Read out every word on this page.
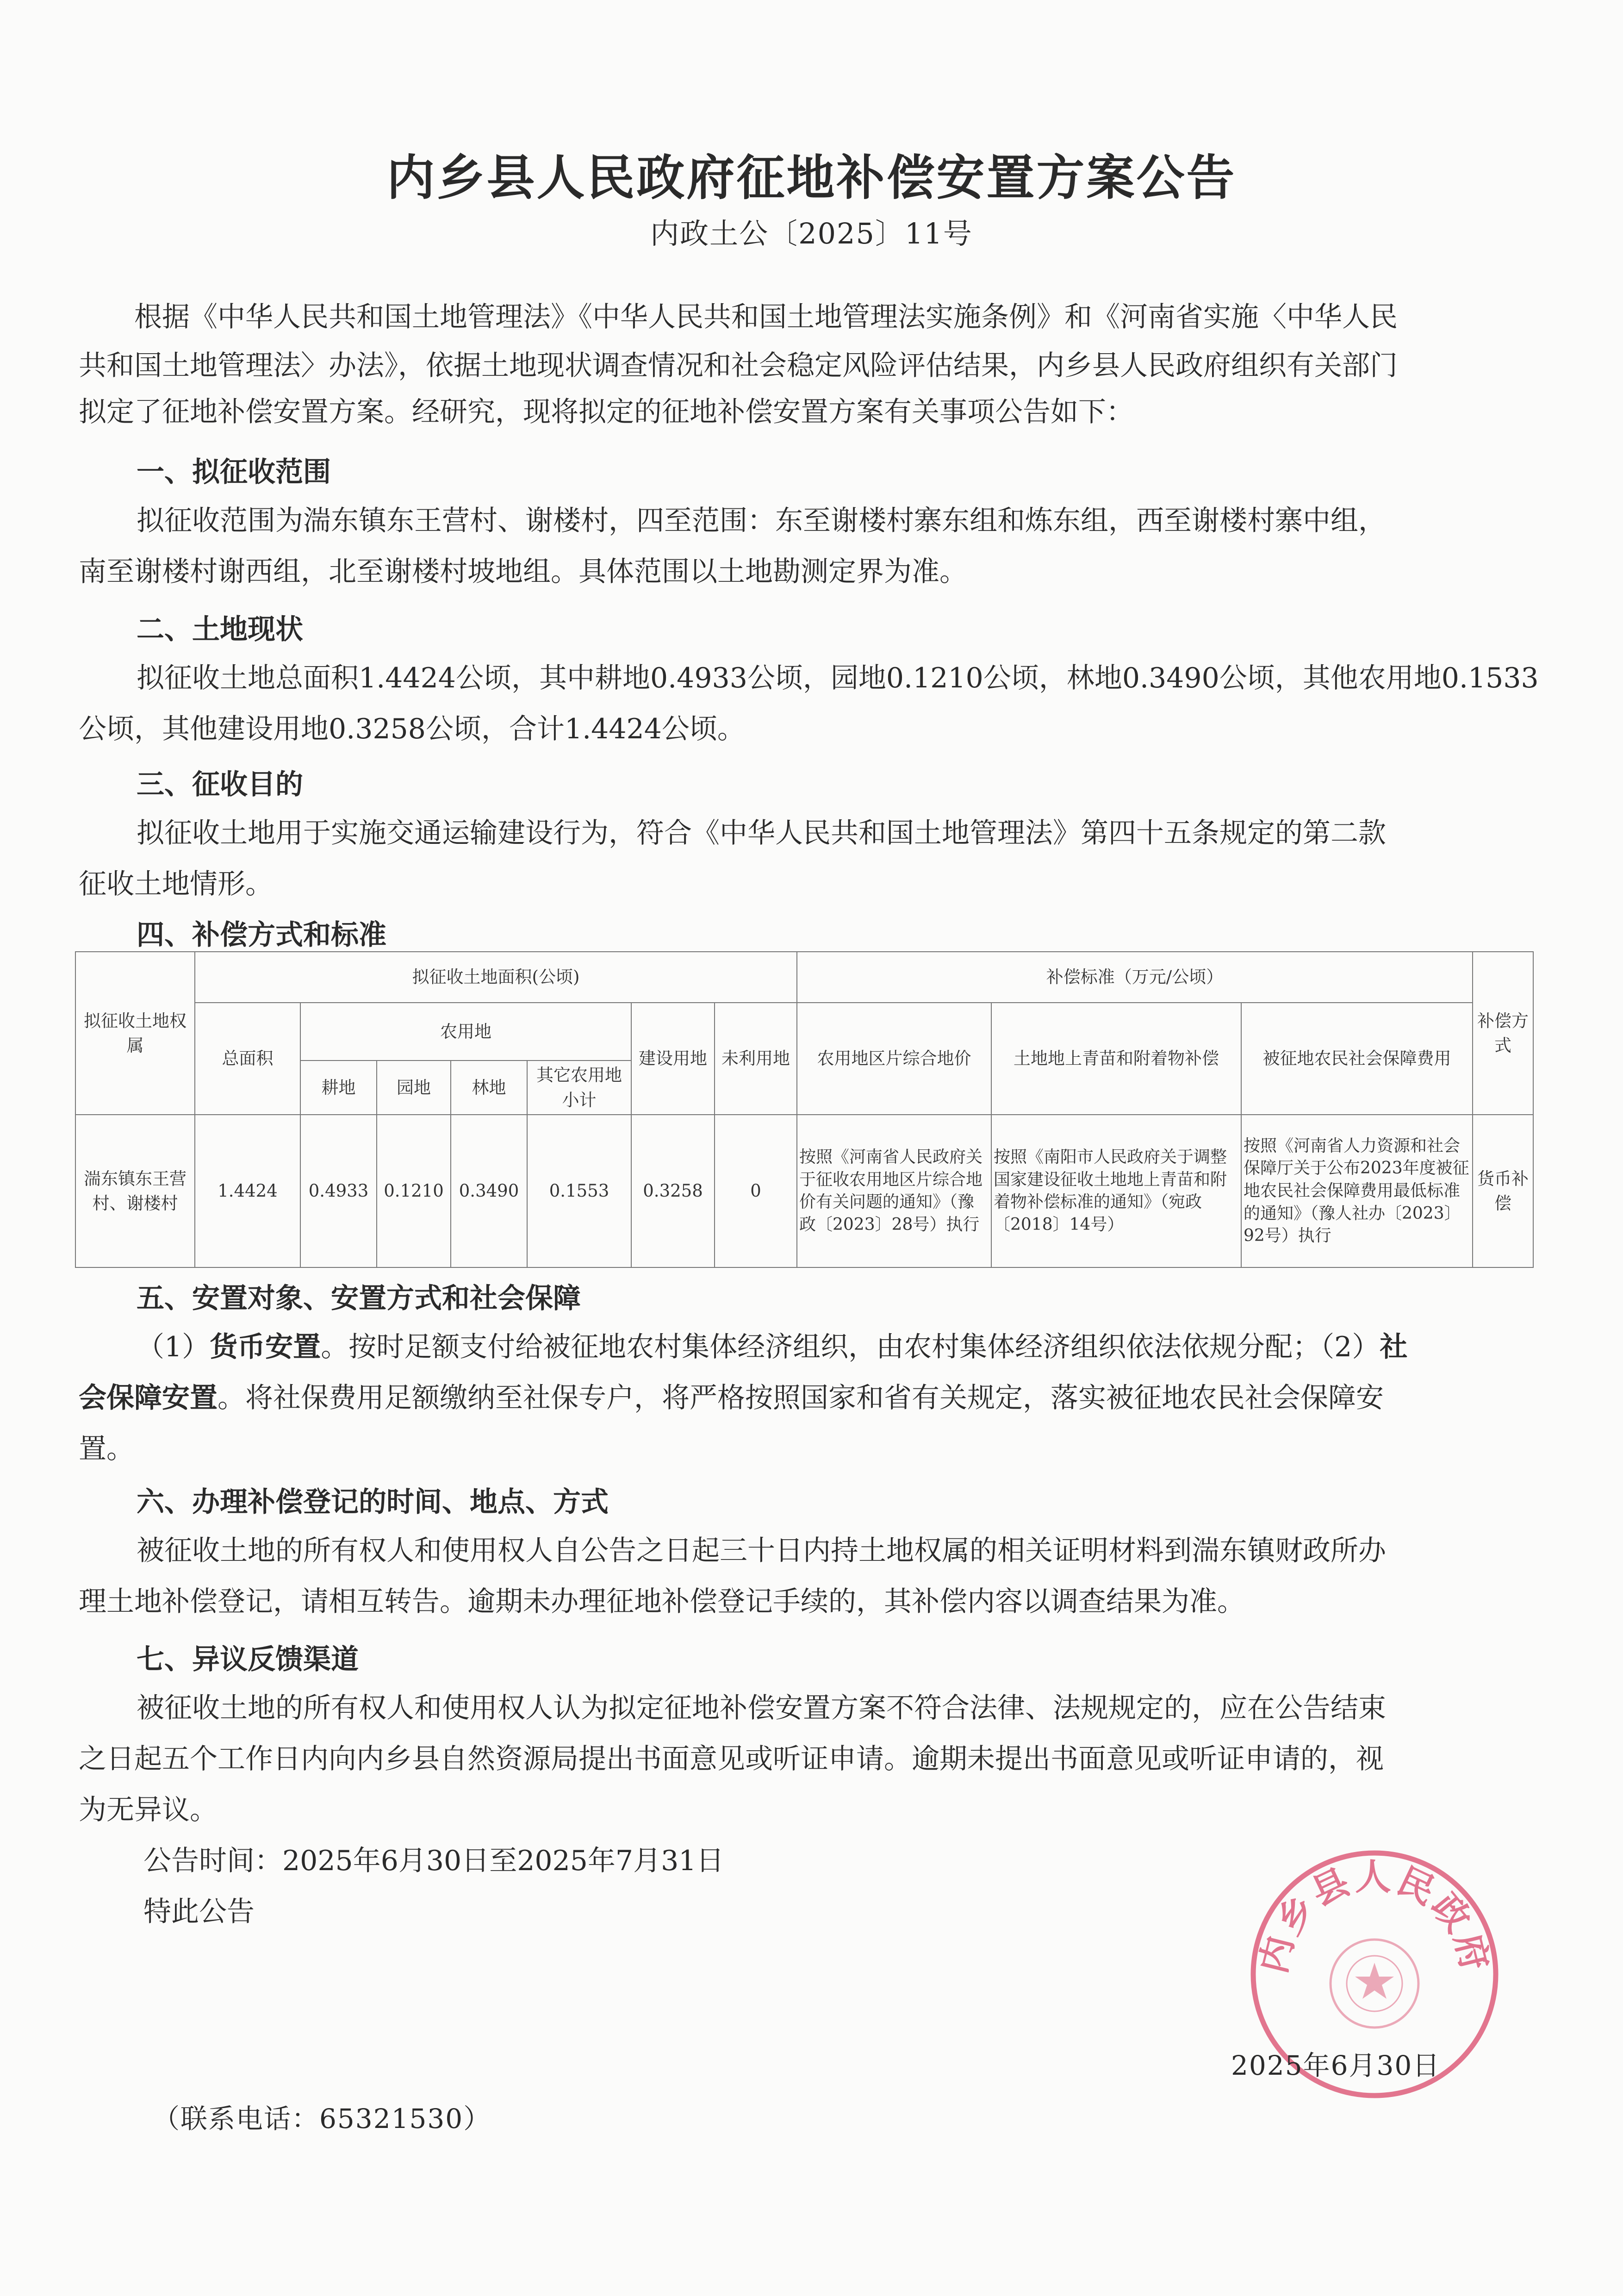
内乡县人民政府征地补偿安置方案公告
内政土公〔2025〕11号
根据《中华人民共和国土地管理法》《中华人民共和国土地管理法实施条例》和《河南省实施〈中华人民
共和国土地管理法〉办法》，依据土地现状调查情况和社会稳定风险评估结果，内乡县人民政府组织有关部门
拟定了征地补偿安置方案。经研究，现将拟定的征地补偿安置方案有关事项公告如下：
一、拟征收范围
拟征收范围为湍东镇东王营村、谢楼村，四至范围：东至谢楼村寨东组和炼东组，西至谢楼村寨中组，
南至谢楼村谢西组，北至谢楼村坡地组。具体范围以土地勘测定界为准。
二、土地现状
拟征收土地总面积1.4424公顷，其中耕地0.4933公顷，园地0.1210公顷，林地0.3490公顷，其他农用地0.1533
公顷，其他建设用地0.3258公顷，合计1.4424公顷。
三、征收目的
拟征收土地用于实施交通运输建设行为，符合《中华人民共和国土地管理法》第四十五条规定的第二款
征收土地情形。
四、补偿方式和标准
拟征收土地权属	拟征收土地面积(公顷)							补偿标准（万元/公顷）			补偿方式
	总面积	农用地				建设用地	未利用地	农用地区片综合地价	土地地上青苗和附着物补偿	被征地农民社会保障费用	
		耕地	园地	林地	其它农用地小计						
湍东镇东王营村、谢楼村	1.4424	0.4933	0.1210	0.3490	0.1553	0.3258	0	按照《河南省人民政府关于征收农用地区片综合地价有关问题的通知》（豫政〔2023〕28号）执行	按照《南阳市人民政府关于调整国家建设征收土地地上青苗和附着物补偿标准的通知》（宛政〔2018〕14号）	按照《河南省人力资源和社会保障厅关于公布2023年度被征地农民社会保障费用最低标准的通知》（豫人社办〔2023〕92号）执行	货币补偿
五、安置对象、安置方式和社会保障
（1）货币安置。按时足额支付给被征地农村集体经济组织，由农村集体经济组织依法依规分配；（2）社
会保障安置。将社保费用足额缴纳至社保专户，将严格按照国家和省有关规定，落实被征地农民社会保障安
置。
六、办理补偿登记的时间、地点、方式
被征收土地的所有权人和使用权人自公告之日起三十日内持土地权属的相关证明材料到湍东镇财政所办
理土地补偿登记，请相互转告。逾期未办理征地补偿登记手续的，其补偿内容以调查结果为准。
七、异议反馈渠道
被征收土地的所有权人和使用权人认为拟定征地补偿安置方案不符合法律、法规规定的，应在公告结束
之日起五个工作日内向内乡县自然资源局提出书面意见或听证申请。逾期未提出书面意见或听证申请的，视
为无异议。
公告时间：2025年6月30日至2025年7月31日
特此公告
内乡县人民政府
2025年6月30日
（联系电话：65321530）
